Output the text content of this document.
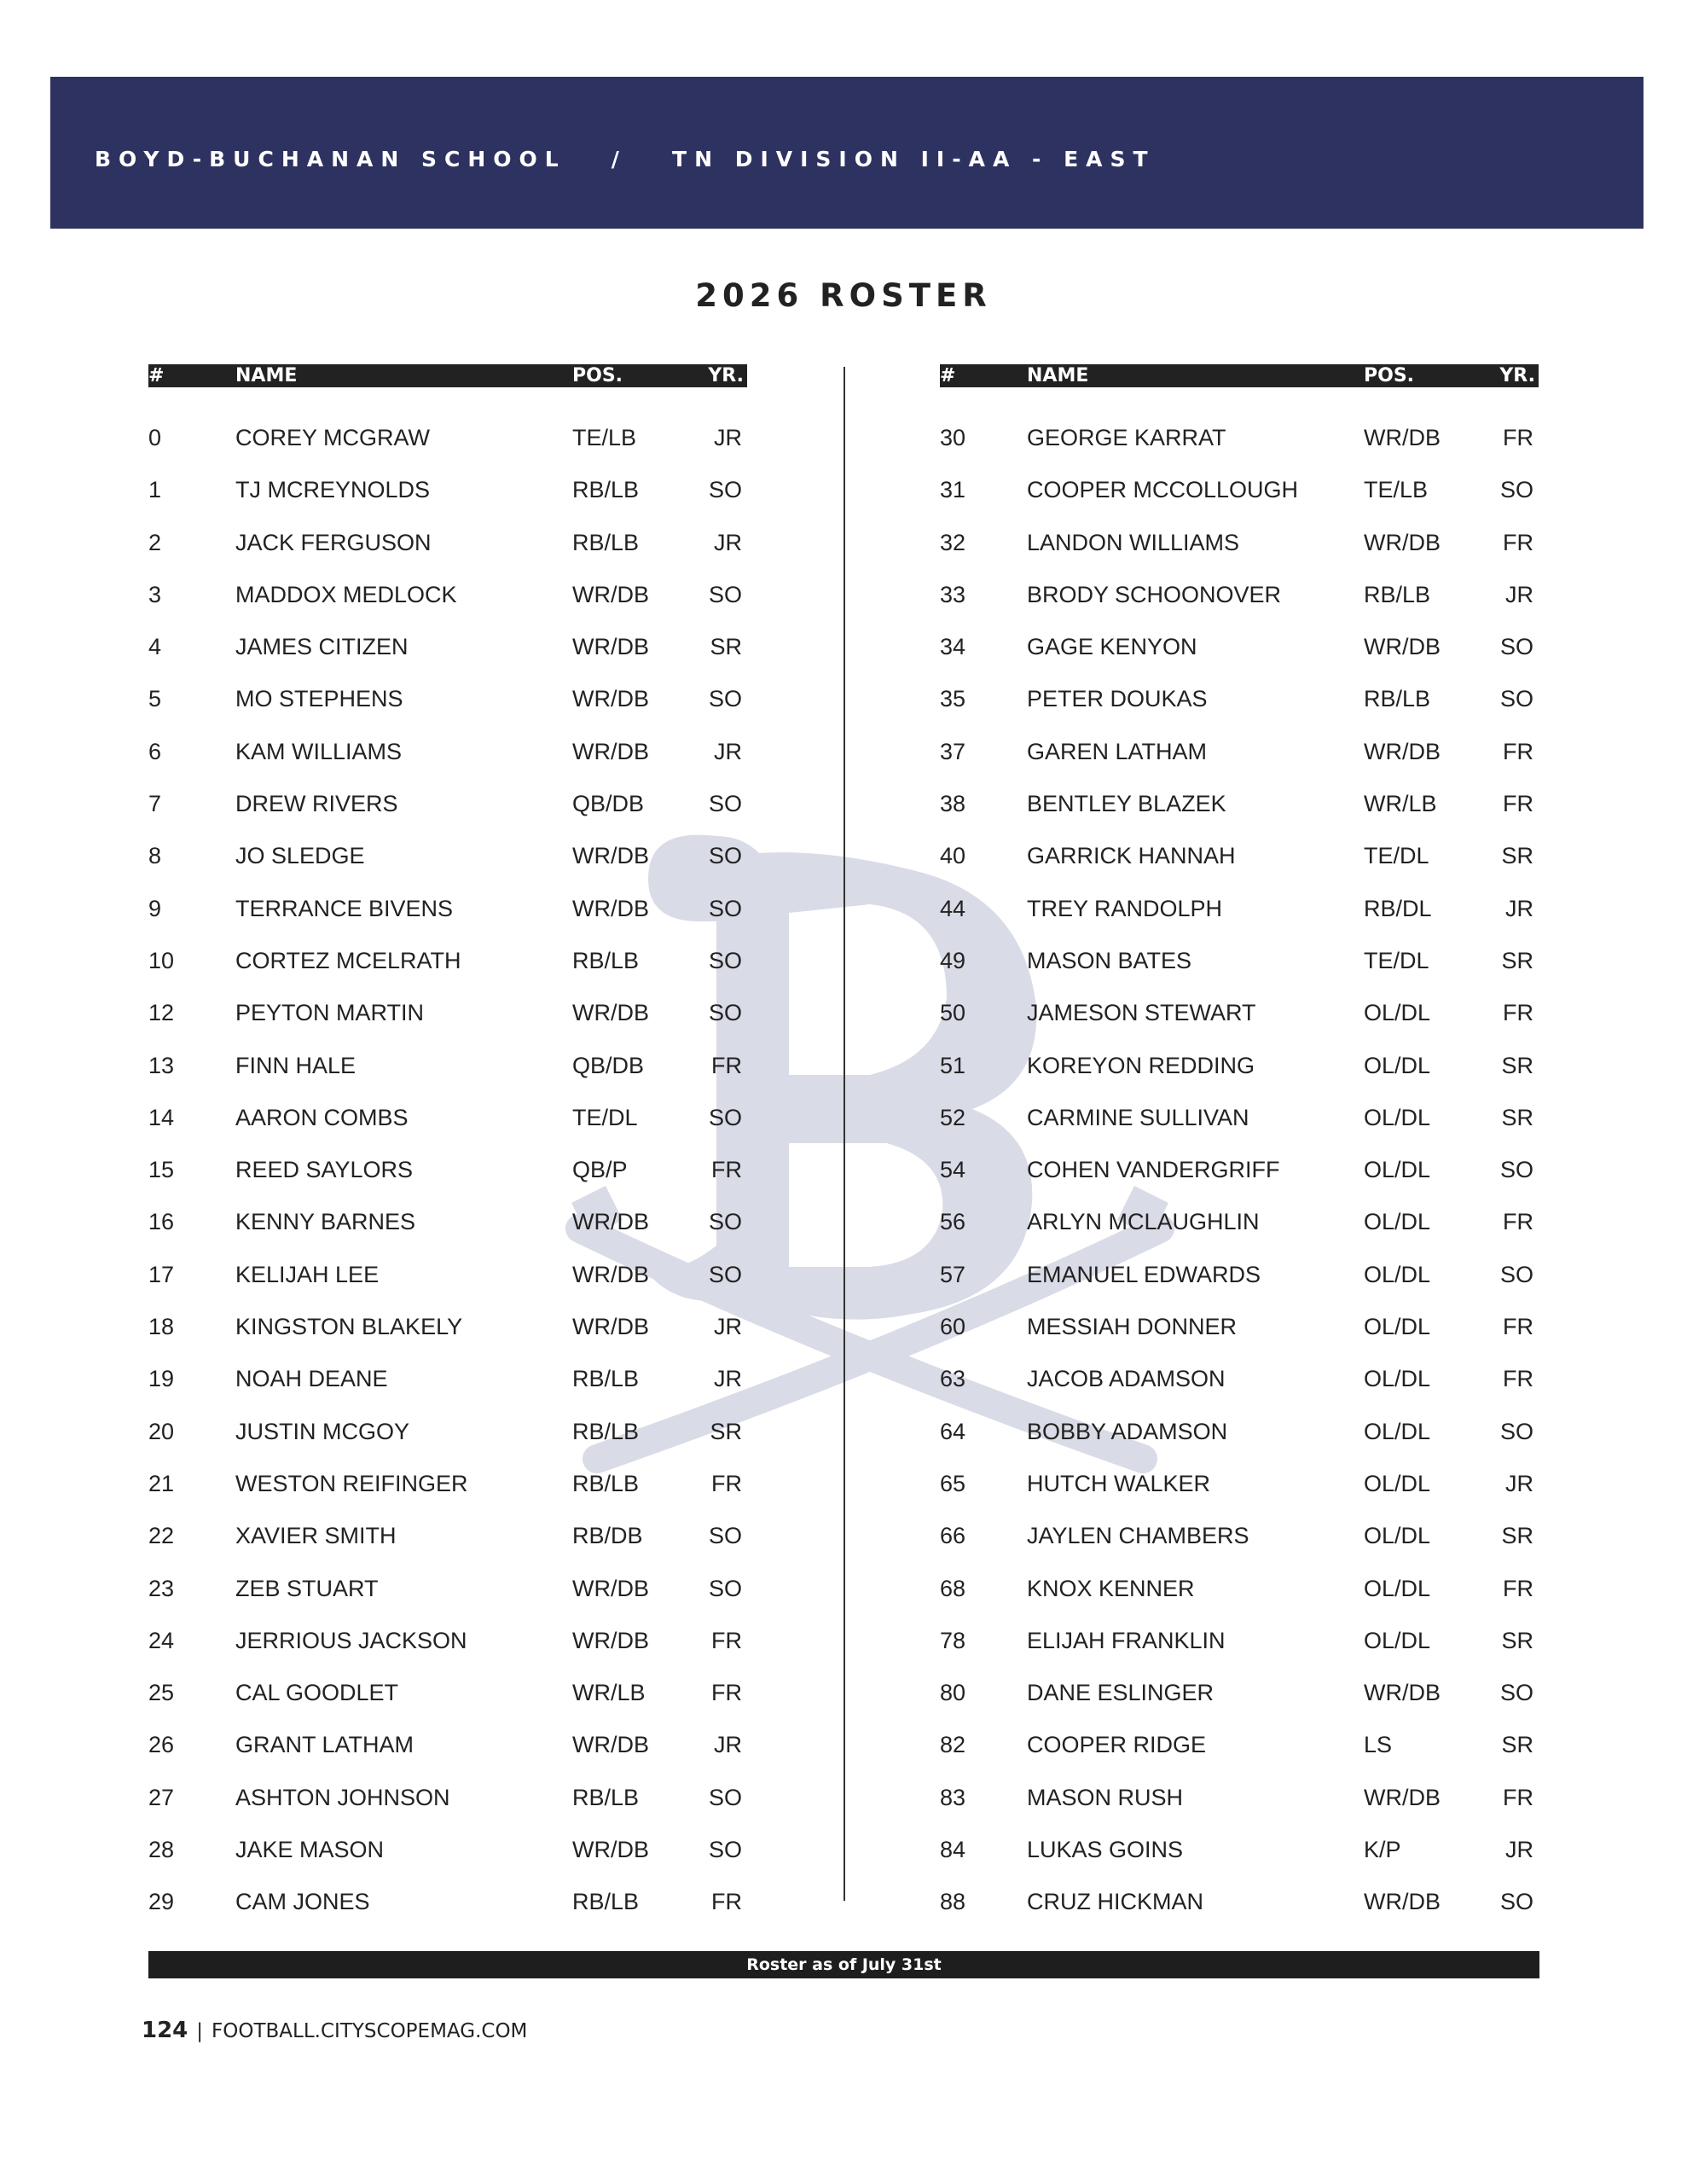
BOYD-BUCHANAN SCHOOL   /   TN DIVISION II-AA - EAST
2026 ROSTER
#	NAME	POS.	YR.
0	COREY MCGRAW	TE/LB	JR
1	TJ MCREYNOLDS	RB/LB	SO
2	JACK FERGUSON	RB/LB	JR
3	MADDOX MEDLOCK	WR/DB	SO
4	JAMES CITIZEN	WR/DB	SR
5	MO STEPHENS	WR/DB	SO
6	KAM WILLIAMS	WR/DB	JR
7	DREW RIVERS	QB/DB	SO
8	JO SLEDGE	WR/DB	SO
9	TERRANCE BIVENS	WR/DB	SO
10	CORTEZ MCELRATH	RB/LB	SO
12	PEYTON MARTIN	WR/DB	SO
13	FINN HALE	QB/DB	FR
14	AARON COMBS	TE/DL	SO
15	REED SAYLORS	QB/P	FR
16	KENNY BARNES	WR/DB	SO
17	KELIJAH LEE	WR/DB	SO
18	KINGSTON BLAKELY	WR/DB	JR
19	NOAH DEANE	RB/LB	JR
20	JUSTIN MCGOY	RB/LB	SR
21	WESTON REIFINGER	RB/LB	FR
22	XAVIER SMITH	RB/DB	SO
23	ZEB STUART	WR/DB	SO
24	JERRIOUS JACKSON	WR/DB	FR
25	CAL GOODLET	WR/LB	FR
26	GRANT LATHAM	WR/DB	JR
27	ASHTON JOHNSON	RB/LB	SO
28	JAKE MASON	WR/DB	SO
29	CAM JONES	RB/LB	FR
#	NAME	POS.	YR.
30	GEORGE KARRAT	WR/DB	FR
31	COOPER MCCOLLOUGH	TE/LB	SO
32	LANDON WILLIAMS	WR/DB	FR
33	BRODY SCHOONOVER	RB/LB	JR
34	GAGE KENYON	WR/DB	SO
35	PETER DOUKAS	RB/LB	SO
37	GAREN LATHAM	WR/DB	FR
38	BENTLEY BLAZEK	WR/LB	FR
40	GARRICK HANNAH	TE/DL	SR
44	TREY RANDOLPH	RB/DL	JR
49	MASON BATES	TE/DL	SR
50	JAMESON STEWART	OL/DL	FR
51	KOREYON REDDING	OL/DL	SR
52	CARMINE SULLIVAN	OL/DL	SR
54	COHEN VANDERGRIFF	OL/DL	SO
56	ARLYN MCLAUGHLIN	OL/DL	FR
57	EMANUEL EDWARDS	OL/DL	SO
60	MESSIAH DONNER	OL/DL	FR
63	JACOB ADAMSON	OL/DL	FR
64	BOBBY ADAMSON	OL/DL	SO
65	HUTCH WALKER	OL/DL	JR
66	JAYLEN CHAMBERS	OL/DL	SR
68	KNOX KENNER	OL/DL	FR
78	ELIJAH FRANKLIN	OL/DL	SR
80	DANE ESLINGER	WR/DB	SO
82	COOPER RIDGE	LS	SR
83	MASON RUSH	WR/DB	FR
84	LUKAS GOINS	K/P	JR
88	CRUZ HICKMAN	WR/DB	SO
Roster as of July 31st
124 | FOOTBALL.CITYSCOPEMAG.COM
